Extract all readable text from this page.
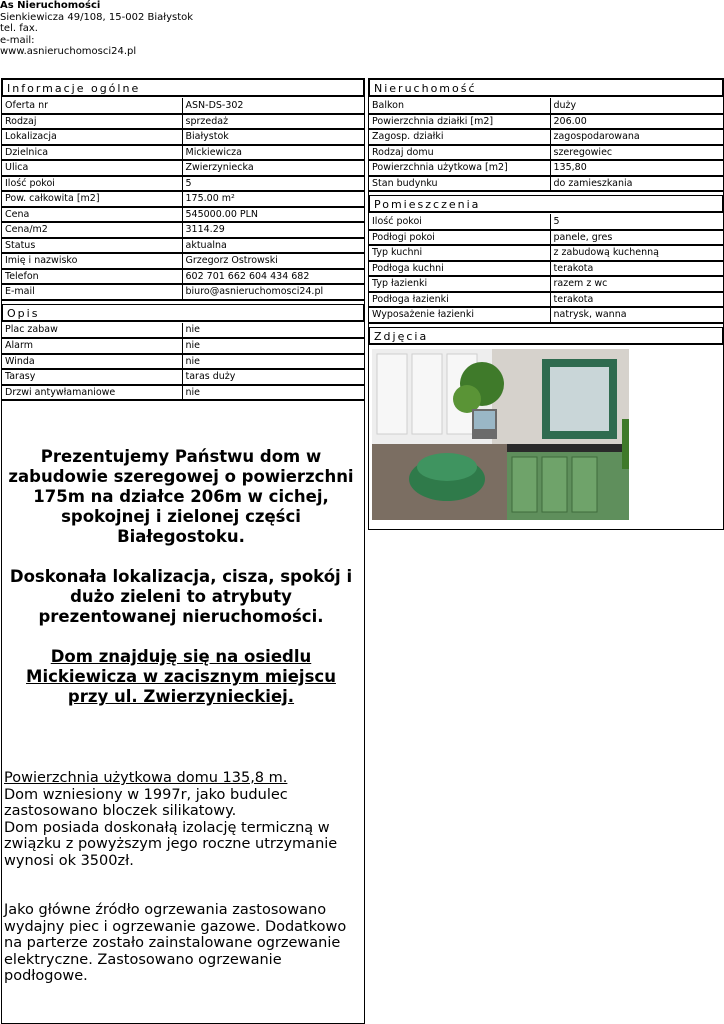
As Nieruchomości
Sienkiewicza 49/108, 15-002 Białystok
tel. fax.
e-mail:
www.asnieruchomosci24.pl
Informacje ogólne
Oferta nr	ASN-DS-302
Rodzaj	sprzedaż
Lokalizacja	Białystok
Dzielnica	Mickiewicza
Ulica	Zwierzyniecka
Ilość pokoi	5
Pow. całkowita [m2]	175.00 m²
Cena	545000.00 PLN
Cena/m2	3114.29
Status	aktualna
Imię i nazwisko	Grzegorz Ostrowski
Telefon	602 701 662 604 434 682
E-mail	biuro@asnieruchomosci24.pl
Opis
Plac zabaw	nie
Alarm	nie
Winda	nie
Tarasy	taras duży
Drzwi antywłamaniowe	nie

Prezentujemy Państwu dom w zabudowie szeregowej o powierzchni 175m na działce 206m w cichej, spokojnej i zielonej części Białegostoku.

Doskonała lokalizacja, cisza, spokój i dużo zieleni to atrybuty prezentowanej nieruchomości.

Dom znajduję się na osiedlu Mickiewicza w zacisznym miejscu przy ul. Zwierzynieckiej.

Powierzchnia użytkowa domu 135,8 m.

Dom wzniesiony w 1997r, jako budulec zastosowano bloczek silikatowy.

Dom posiada doskonałą izolację termiczną w związku z powyższym jego roczne utrzymanie wynosi ok 3500zł.

Jako główne źródło ogrzewania zastosowano wydajny piec i ogrzewanie gazowe. Dodatkowo na parterze zostało zainstalowane ogrzewanie elektryczne. Zastosowano ogrzewanie podłogowe.

Nieruchomość
Balkon	duży
Powierzchnia działki [m2]	206.00
Zagosp. działki	zagospodarowana
Rodzaj domu	szeregowiec
Powierzchnia użytkowa [m2]	135,80
Stan budynku	do zamieszkania
Pomieszczenia
Ilość pokoi	5
Podłogi pokoi	panele, gres
Typ kuchni	z zabudową kuchenną
Podłoga kuchni	terakota
Typ łazienki	razem z wc
Podłoga łazienki	terakota
Wyposażenie łazienki	natrysk, wanna
Zdjęcia
